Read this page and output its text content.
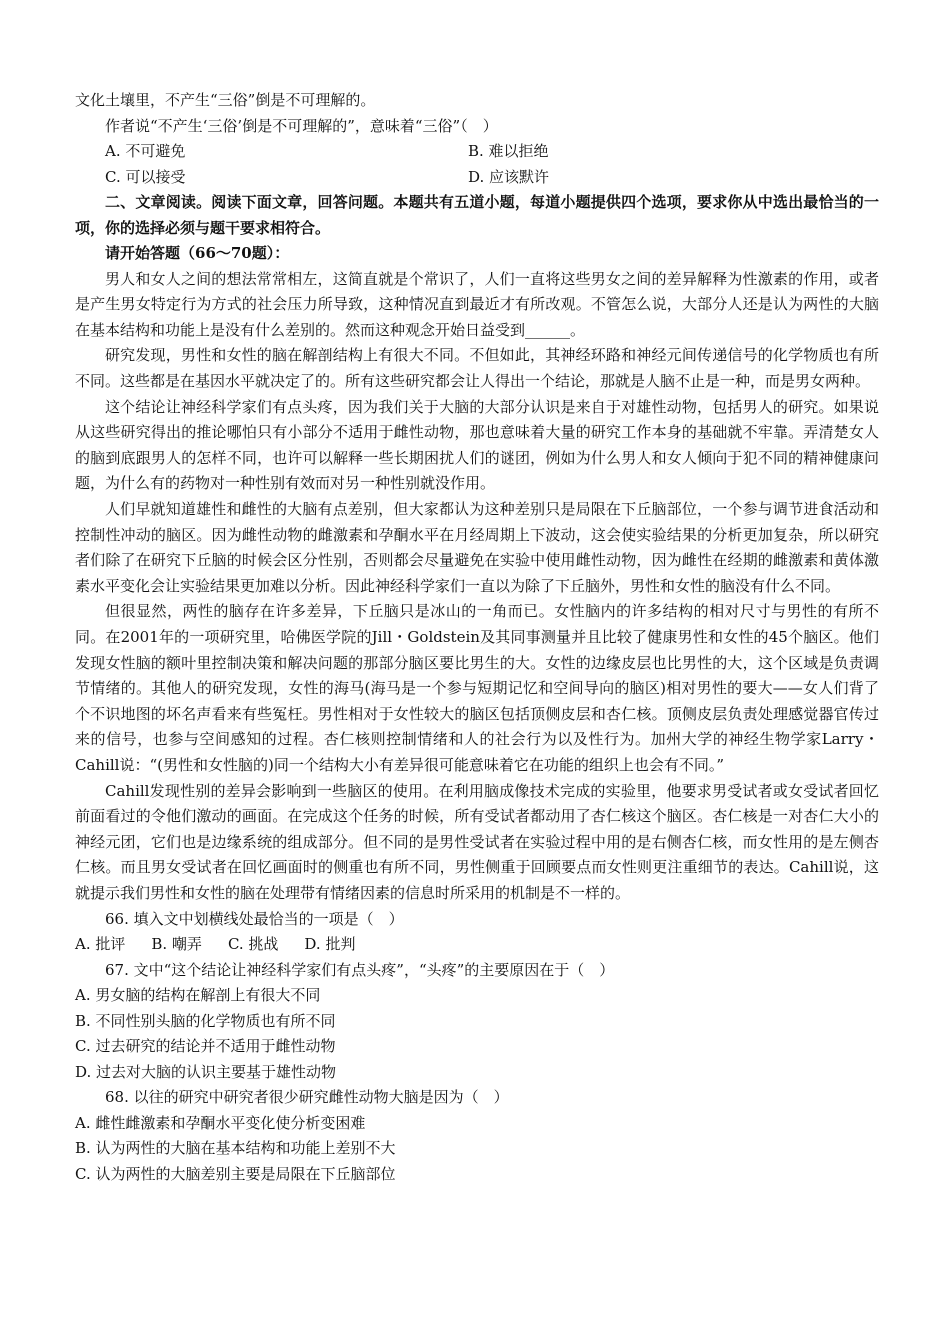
文化土壤里，不产生“三俗”倒是不可理解的。
作者说“不产生‘三俗’倒是不可理解的”，意味着“三俗”（　）
A. 不可避免	B. 难以拒绝
C. 可以接受	D. 应该默许

二、文章阅读。阅读下面文章，回答问题。本题共有五道小题，每道小题提供四个选项，要求你从中选出最恰当的一项，你的选择必须与题干要求相符合。

请开始答题（66～70题）：

男人和女人之间的想法常常相左，这简直就是个常识了，人们一直将这些男女之间的差异解释为性激素的作用，或者是产生男女特定行为方式的社会压力所导致，这种情况直到最近才有所改观。不管怎么说，大部分人还是认为两性的大脑在基本结构和功能上是没有什么差别的。然而这种观念开始日益受到______。

研究发现，男性和女性的脑在解剖结构上有很大不同。不但如此，其神经环路和神经元间传递信号的化学物质也有所不同。这些都是在基因水平就决定了的。所有这些研究都会让人得出一个结论，那就是人脑不止是一种，而是男女两种。

这个结论让神经科学家们有点头疼，因为我们关于大脑的大部分认识是来自于对雄性动物，包括男人的研究。如果说从这些研究得出的推论哪怕只有小部分不适用于雌性动物，那也意味着大量的研究工作本身的基础就不牢靠。弄清楚女人的脑到底跟男人的怎样不同，也许可以解释一些长期困扰人们的谜团，例如为什么男人和女人倾向于犯不同的精神健康问题，为什么有的药物对一种性别有效而对另一种性别就没作用。

人们早就知道雄性和雌性的大脑有点差别，但大家都认为这种差别只是局限在下丘脑部位，一个参与调节进食活动和控制性冲动的脑区。因为雌性动物的雌激素和孕酮水平在月经周期上下波动，这会使实验结果的分析更加复杂，所以研究者们除了在研究下丘脑的时候会区分性别，否则都会尽量避免在实验中使用雌性动物，因为雌性在经期的雌激素和黄体激素水平变化会让实验结果更加难以分析。因此神经科学家们一直以为除了下丘脑外，男性和女性的脑没有什么不同。

但很显然，两性的脑存在许多差异，下丘脑只是冰山的一角而已。女性脑内的许多结构的相对尺寸与男性的有所不同。在2001年的一项研究里，哈佛医学院的Jill・Goldstein及其同事测量并且比较了健康男性和女性的45个脑区。他们发现女性脑的额叶里控制决策和解决问题的那部分脑区要比男生的大。女性的边缘皮层也比男性的大，这个区域是负责调节情绪的。其他人的研究发现，女性的海马(海马是一个参与短期记忆和空间导向的脑区)相对男性的要大——女人们背了个不识地图的坏名声看来有些冤枉。男性相对于女性较大的脑区包括顶侧皮层和杏仁核。顶侧皮层负责处理感觉器官传过来的信号，也参与空间感知的过程。杏仁核则控制情绪和人的社会行为以及性行为。加州大学的神经生物学家Larry・Cahill说：“(男性和女性脑的)同一个结构大小有差异很可能意味着它在功能的组织上也会有不同。”

Cahill发现性别的差异会影响到一些脑区的使用。在利用脑成像技术完成的实验里，他要求男受试者或女受试者回忆前面看过的令他们激动的画面。在完成这个任务的时候，所有受试者都动用了杏仁核这个脑区。杏仁核是一对杏仁大小的神经元团，它们也是边缘系统的组成部分。但不同的是男性受试者在实验过程中用的是右侧杏仁核，而女性用的是左侧杏仁核。而且男女受试者在回忆画面时的侧重也有所不同，男性侧重于回顾要点而女性则更注重细节的表达。Cahill说，这就提示我们男性和女性的脑在处理带有情绪因素的信息时所采用的机制是不一样的。

66. 填入文中划横线处最恰当的一项是（　）
A. 批评 B. 嘲弄 C. 挑战 D. 批判
67. 文中“这个结论让神经科学家们有点头疼”，“头疼”的主要原因在于（　）
A. 男女脑的结构在解剖上有很大不同
B. 不同性别头脑的化学物质也有所不同
C. 过去研究的结论并不适用于雌性动物
D. 过去对大脑的认识主要基于雄性动物
68. 以往的研究中研究者很少研究雌性动物大脑是因为（　）
A. 雌性雌激素和孕酮水平变化使分析变困难
B. 认为两性的大脑在基本结构和功能上差别不大
C. 认为两性的大脑差别主要是局限在下丘脑部位
